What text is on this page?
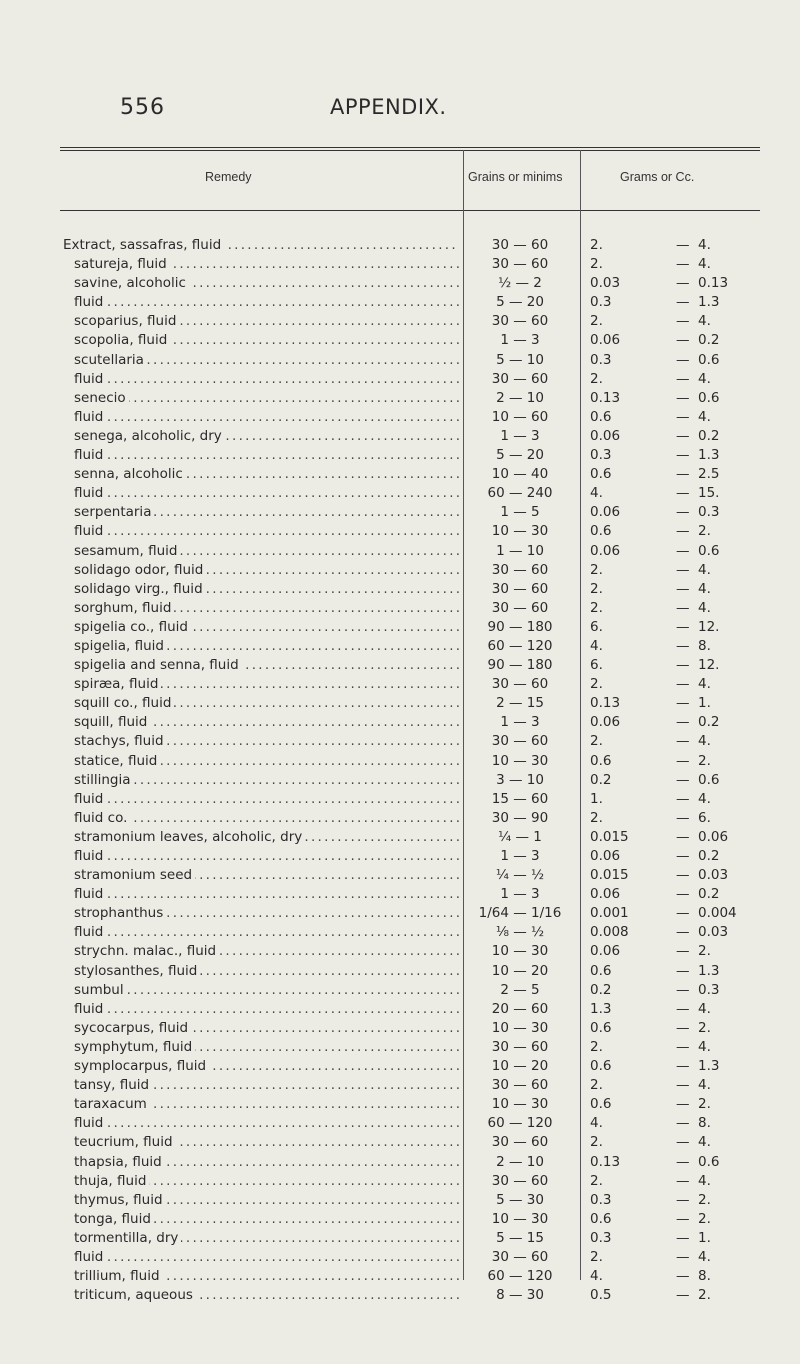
556	APPENDIX.
Remedy	Grains or minims	Grams or Cc.
Extract, sassafras, fluid . . .	30 — 60	2.	— 4.
satureja, fluid . . .	30 — 60	2.	— 4.
savine, alcoholic . . .	½ — 2	0.03	— 0.13
fluid . . .	5 — 20	0.3	— 1.3
scoparius, fluid . . .	30 — 60	2.	— 4.
scopolia, fluid . . .	1 — 3	0.06	— 0.2
scutellaria . . .	5 — 10	0.3	— 0.6
fluid . . .	30 — 60	2.	— 4.
senecio . . .	2 — 10	0.13	— 0.6
fluid . . .	10 — 60	0.6	— 4.
senega, alcoholic, dry . . .	1 — 3	0.06	— 0.2
fluid . . .	5 — 20	0.3	— 1.3
senna, alcoholic . . .	10 — 40	0.6	— 2.5
fluid . . .	60 — 240	4.	— 15.
serpentaria . . .	1 — 5	0.06	— 0.3
fluid . . .	10 — 30	0.6	— 2.
sesamum, fluid . . .	1 — 10	0.06	— 0.6
solidago odor, fluid . . .	30 — 60	2.	— 4.
solidago virg., fluid . . .	30 — 60	2.	— 4.
sorghum, fluid . . .	30 — 60	2.	— 4.
spigelia co., fluid . . .	90 — 180	6.	— 12.
spigelia, fluid . . .	60 — 120	4.	— 8.
spigelia and senna, fluid . . .	90 — 180	6.	— 12.
spiræa, fluid . . .	30 — 60	2.	— 4.
squill co., fluid . . .	2 — 15	0.13	— 1.
squill, fluid . . .	1 — 3	0.06	— 0.2
stachys, fluid . . .	30 — 60	2.	— 4.
statice, fluid . . .	10 — 30	0.6	— 2.
stillingia . . .	3 — 10	0.2	— 0.6
fluid . . .	15 — 60	1.	— 4.
fluid co. . . .	30 — 90	2.	— 6.
stramonium leaves, alcoholic, dry . . .	¼ — 1	0.015	— 0.06
fluid . . .	1 — 3	0.06	— 0.2
stramonium seed . . .	¼ — ½	0.015	— 0.03
fluid . . .	1 — 3	0.06	— 0.2
strophanthus . . .	1/64 — 1/16	0.001	— 0.004
fluid . . .	⅛ — ½	0.008	— 0.03
strychn. malac., fluid . . .	10 — 30	0.06	— 2.
stylosanthes, fluid . . .	10 — 20	0.6	— 1.3
sumbul . . .	2 — 5	0.2	— 0.3
fluid . . .	20 — 60	1.3	— 4.
sycocarpus, fluid . . .	10 — 30	0.6	— 2.
symphytum, fluid . . .	30 — 60	2.	— 4.
symplocarpus, fluid . . .	10 — 20	0.6	— 1.3
tansy, fluid . . .	30 — 60	2.	— 4.
taraxacum . . .	10 — 30	0.6	— 2.
fluid . . .	60 — 120	4.	— 8.
teucrium, fluid . . .	30 — 60	2.	— 4.
thapsia, fluid . . .	2 — 10	0.13	— 0.6
thuja, fluid . . .	30 — 60	2.	— 4.
thymus, fluid . . .	5 — 30	0.3	— 2.
tonga, fluid . . .	10 — 30	0.6	— 2.
tormentilla, dry . . .	5 — 15	0.3	— 1.
fluid . . .	30 — 60	2.	— 4.
trillium, fluid . . .	60 — 120	4.	— 8.
triticum, aqueous . . .	8 — 30	0.5	— 2.
